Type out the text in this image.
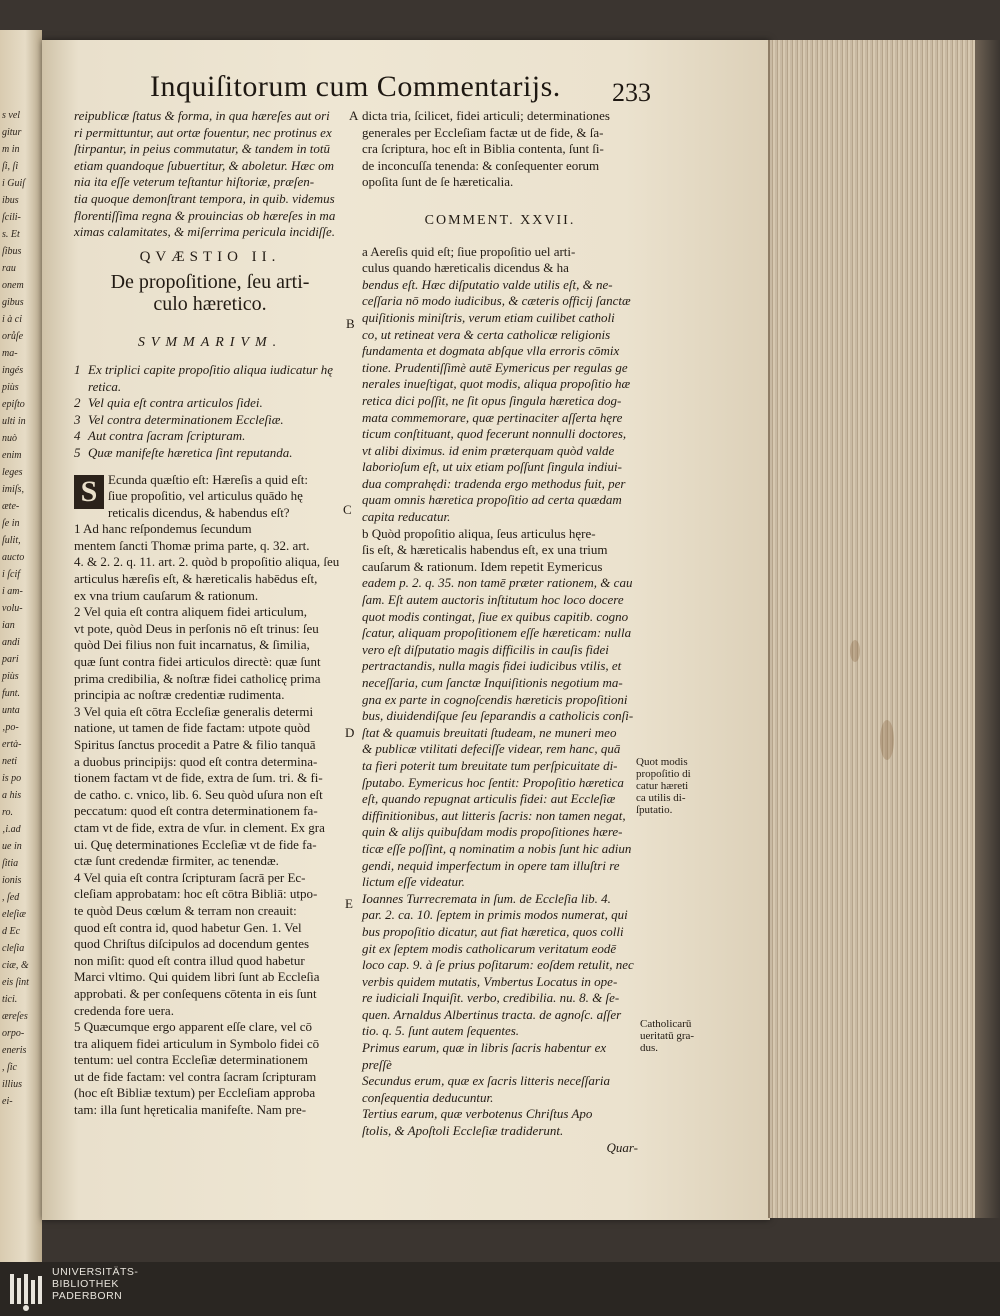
s vel
gitur
m in
ſi, ſi
i Guiſ
ibus
ſcili-
s. Et
ſibus
rau
onem
gibus
i à ci
orůſe
ma-
ingés
piùs
epiſto
ulti in
nuò
enim
leges
imiſs,
æte-
ſe in
ſulit,
aucto
i ſcif
i am-
volu-
ian
andi
pari
piùs
funt.
unta
‚po-
ertà-
neti
is po
a his
ro.
‚i.ad
ue in
ſitia
ionis
, ſed
eleſiæ
d Ec
cleſia
ciæ, &
eis ſint
tici.
æreſes
orpo-
eneris
, ſic
illius
ei-
Inquiſitorum cum Commentarijs. 233
reipublicæ ſtatus & forma, in qua hæreſes aut ori
ri permittuntur, aut ortæ fouentur, nec protinus ex
ſtirpantur, in peius commutatur, & tandem in totū
etiam quandoque ſubuertitur, & aboletur. Hæc om
nia ita eſſe veterum teſtantur hiſtoriæ, præſen-
tia quoque demonſtrant tempora, in quib. videmus
florentiſſima regna & prouincias ob hæreſes in ma
ximas calamitates, & miſerrima pericula incidiſſe.
QVÆSTIO II.
De propoſitione, ſeu arti-
culo hæretico.
SVMMARIVM.
1 Ex triplici capite propoſitio aliqua iudicatur hę
retica.
2 Vel quia eſt contra articulos ſidei.
3 Vel contra determinationem Eccleſiæ.
4 Aut contra ſacram ſcripturam.
5 Quæ manifeſte hæretica ſint reputanda.
S Ecunda quæſtio eſt: Hæreſis a quid eſt:
ſiue propoſitio, vel articulus quādo hę
reticalis dicendus, & habendus eſt?
1 Ad hanc reſpondemus ſecundum
mentem ſancti Thomæ prima parte, q. 32. art.
4. & 2. 2. q. 11. art. 2. quòd b propoſitio aliqua, ſeu
articulus hæreſis eſt, & hæreticalis habēdus eſt,
ex vna trium cauſarum & rationum.
2 Vel quia eſt contra aliquem fidei articulum,
vt pote, quòd Deus in perſonis nō eſt trinus: ſeu
quòd Dei filius non fuit incarnatus, & ſimilia,
quæ ſunt contra fidei articulos directè: quæ ſunt
prima credibilia, & noſtræ fidei catholicę prima
principia ac noſtræ credentiæ rudimenta.
3 Vel quia eſt cōtra Eccleſiæ generalis determi
natione, ut tamen de fide factam: utpote quòd
Spiritus ſanctus procedit a Patre & filio tanquā
a duobus principijs: quod eſt contra determina-
tionem factam vt de fide, extra de ſum. tri. & fi-
de catho. c. vnico, lib. 6. Seu quòd uſura non eſt
peccatum: quod eſt contra determinationem fa-
ctam vt de fide, extra de vſur. in clement. Ex gra
ui. Quę determinationes Eccleſiæ vt de fide fa-
ctæ ſunt credendæ firmiter, ac tenendæ.
4 Vel quia eſt contra ſcripturam ſacrā per Ec-
cleſiam approbatam: hoc eſt cōtra Bibliā: utpo-
te quòd Deus cœlum & terram non creauit:
quod eſt contra id, quod habetur Gen. 1. Vel
quod Chriſtus diſcipulos ad docendum gentes
non miſit: quod eſt contra illud quod habetur
Marci vltimo. Qui quidem libri ſunt ab Eccleſia
approbati. & per conſequens cōtenta in eis ſunt
credenda fore uera.
5 Quæcumque ergo apparent eſſe clare, vel cō
tra aliquem fidei articulum in Symbolo fidei cō
tentum: uel contra Eccleſiæ determinationem
ut de fide factam: vel contra ſacram ſcripturam
(hoc eſt Bibliæ textum) per Eccleſiam approba
tam: illa ſunt hęreticalia manifeſte. Nam pre-
dicta tria, ſcilicet, fidei articuli; determinationes
generales per Eccleſiam factæ ut de fide, & ſa-
cra ſcriptura, hoc eſt in Biblia contenta, ſunt ſi-
de inconcuſſa tenenda: & conſequenter eorum
opoſita ſunt de ſe hæreticalia.
COMMENT. XXVII.
a Aereſis quid eſt; ſiue propoſitio uel arti-
culus quando hæreticalis dicendus & ha
bendus eſt. Hæc diſputatio valde utilis eſt, & ne-
ceſſaria nō modo iudicibus, & cæteris officij ſanctæ
quiſitionis miniſtris, verum etiam cuilibet catholi
co, ut retineat vera & certa catholicæ religionis
fundamenta et dogmata abſque vlla erroris cōmix
tione. Prudentiſſimè autē Eymericus per regulas ge
nerales inueſtigat, quot modis, aliqua propoſitio hæ
retica dici poſſit, ne ſit opus ſingula hæretica dog-
mata commemorare, quæ pertinaciter aſſerta hęre
ticum conſtituant, quod fecerunt nonnulli doctores,
vt alibi diximus. id enim præterquam quòd valde
laborioſum eſt, ut uix etiam poſſunt ſingula indiui-
dua comprahędi: tradenda ergo methodus fuit, per
quam omnis hæretica propoſitio ad certa quædam
capita reducatur.
b Quòd propoſitio aliqua, ſeus articulus hęre-
ſis eſt, & hæreticalis habendus eſt, ex una trium
cauſarum & rationum. Idem repetit Eymericus
eadem p. 2. q. 35. non tamē præter rationem, & cau
ſam. Eſt autem auctoris inſtitutum hoc loco docere
quot modis contingat, ſiue ex quibus capitib. cogno
ſcatur, aliquam propoſitionem eſſe hæreticam: nulla
vero eſt diſputatio magis difficilis in cauſis fidei
pertractandis, nulla magis fidei iudicibus vtilis, et
neceſſaria, cum ſanctæ Inquiſitionis negotium ma-
gna ex parte in cognoſcendis hæreticis propoſitioni
bus, diuidendiſque ſeu ſeparandis a catholicis conſi-
ſtat & quamuis breuitati ſtudeam, ne muneri meo
& publicæ vtilitati defeciſſe videar, rem hanc, quā
ta fieri poterit tum breuitate tum perſpicuitate di-
ſputabo. Eymericus hoc ſentit: Propoſitio hæretica
eſt, quando repugnat articulis fidei: aut Eccleſiæ
diffinitionibus, aut litteris ſacris: non tamen negat,
quin & alijs quibuſdam modis propoſitiones hære-
ticæ eſſe poſſint, q nominatim a nobis ſunt hic adiun
gendi, nequid imperfectum in opere tam illuſtri re
lictum eſſe videatur.
Ioannes Turrecremata in ſum. de Eccleſia lib. 4.
par. 2. ca. 10. ſeptem in primis modos numerat, qui
bus propoſitio dicatur, aut fiat hæretica, quos colli
git ex ſeptem modis catholicarum veritatum eodē
loco cap. 9. à ſe prius poſitarum: eoſdem retulit, nec
verbis quidem mutatis, Vmbertus Locatus in ope-
re iudiciali Inquiſit. verbo, credibilia. nu. 8. & ſe-
quen. Arnaldus Albertinus tracta. de agnoſc. aſſer
tio. q. 5. ſunt autem ſequentes.
Primus earum, quæ in libris ſacris habentur ex
preſſè
Secundus erum, quæ ex ſacris litteris neceſſaria
conſequentia deducuntur.
Tertius earum, quæ verbotenus Chriſtus Apo
ſtolis, & Apoſtoli Eccleſiæ tradiderunt.
Quar-
A
B
C
D
E
Quot modis
propoſitio di
catur hæreti
ca utilis di-
ſputatio.
Catholicarū
ueritatū gra-
dus.
UNIVERSITÄTS-
BIBLIOTHEK
PADERBORN
